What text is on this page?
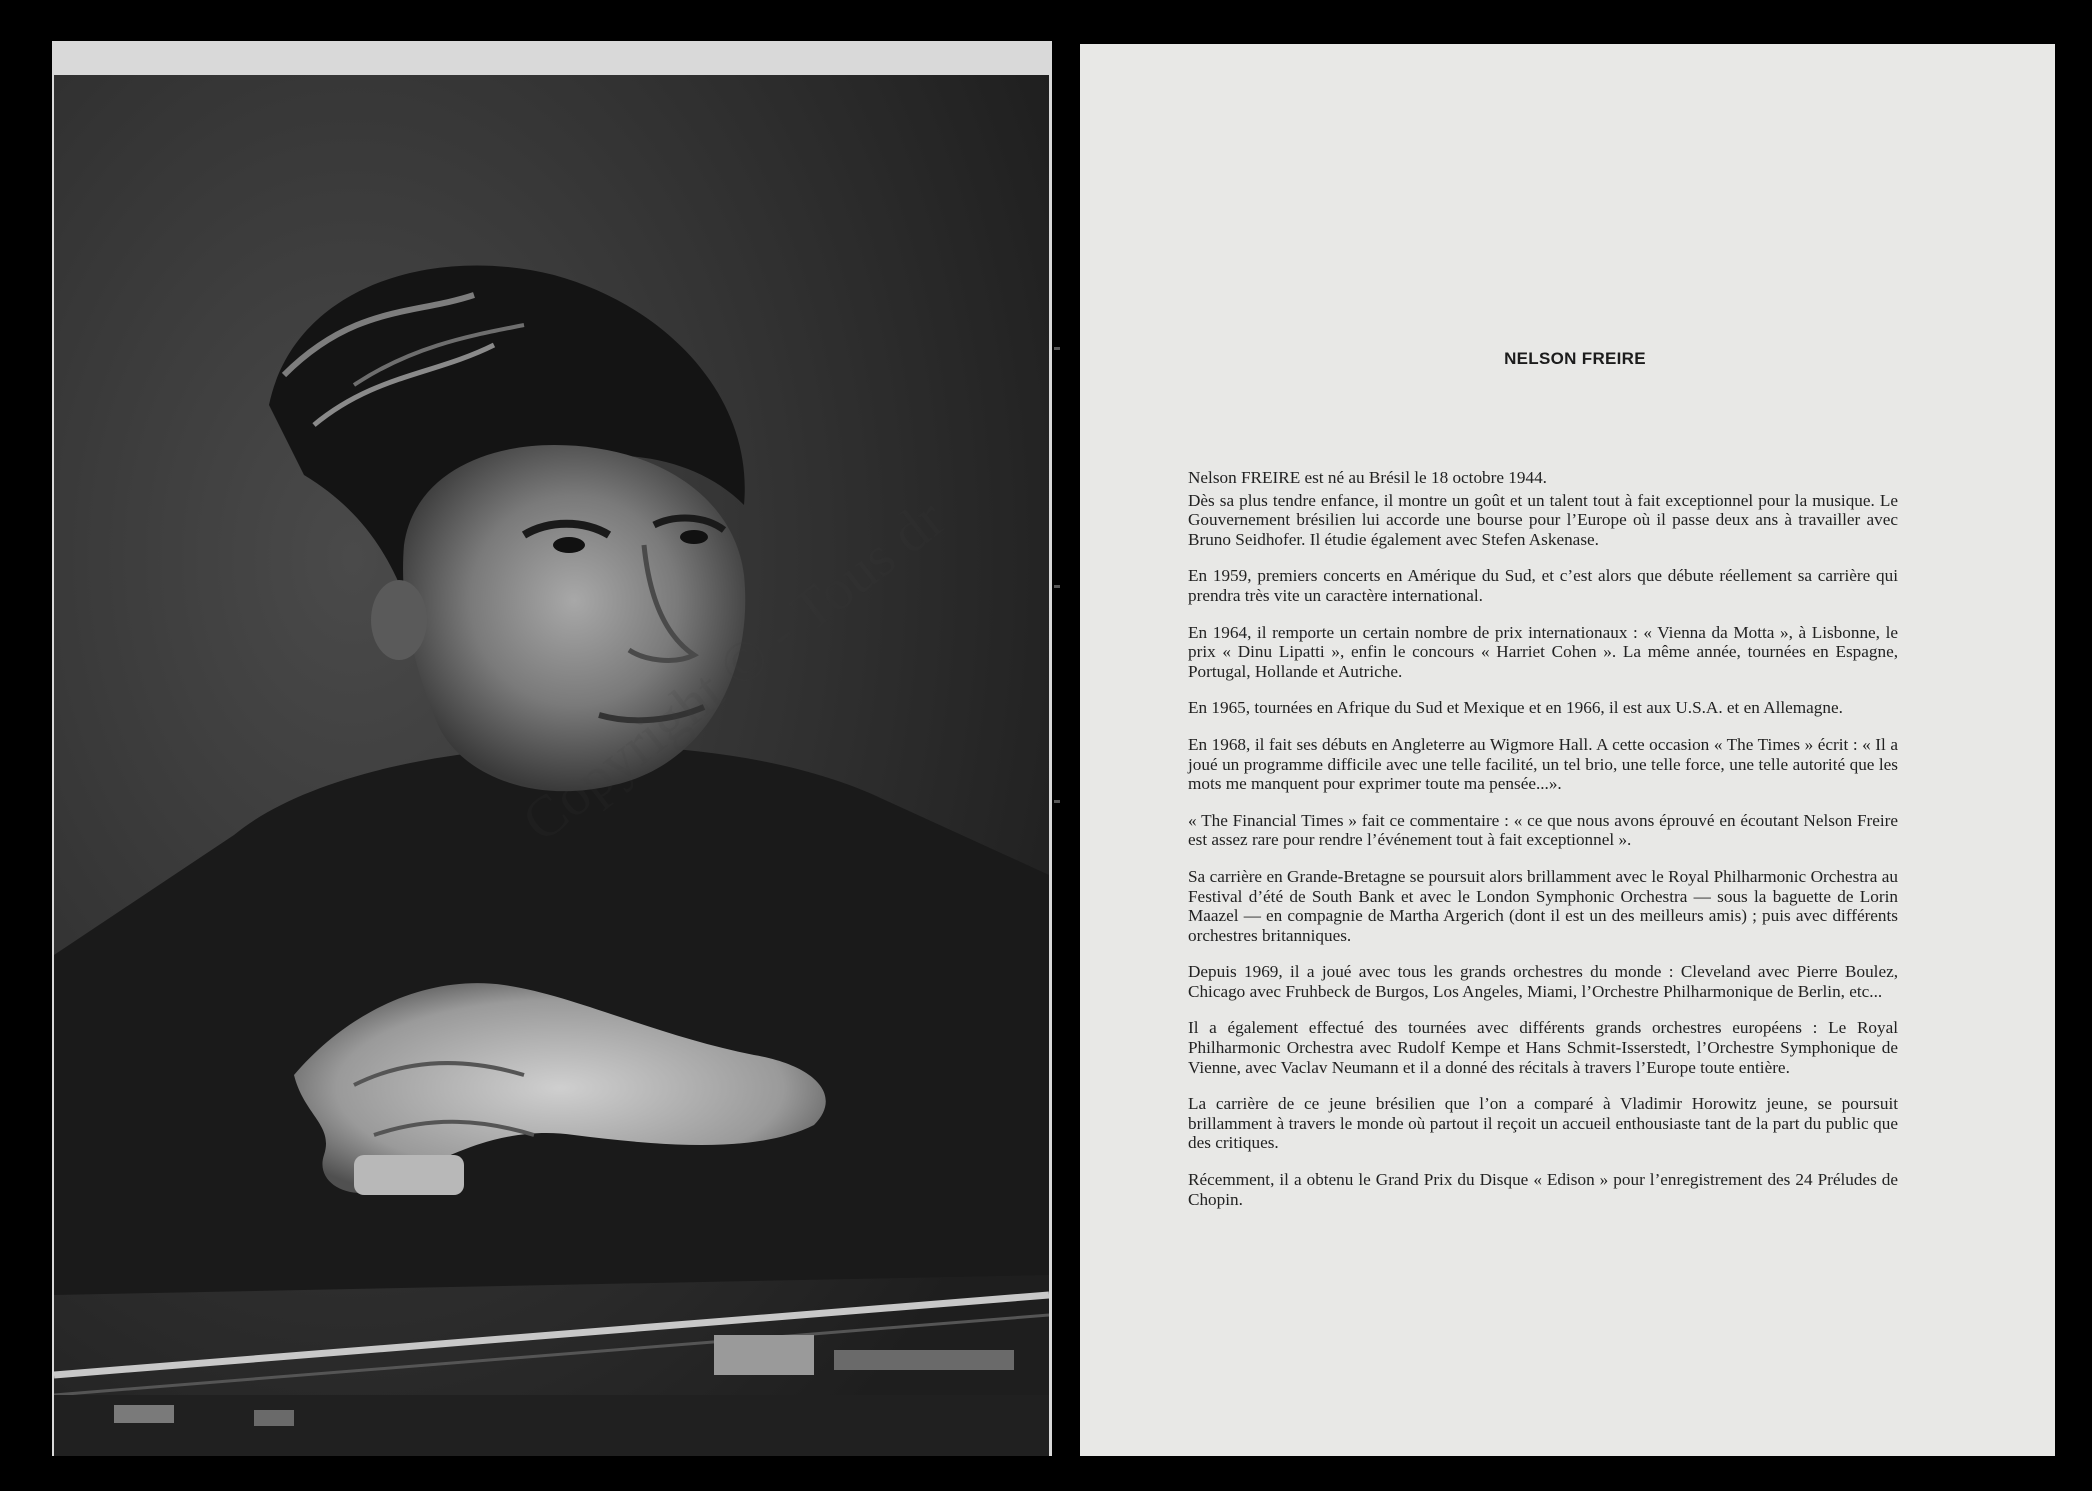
NELSON FREIRE

Nelson FREIRE est né au Brésil le 18 octobre 1944.

Dès sa plus tendre enfance, il montre un goût et un talent tout à fait exceptionnel pour la musique. Le Gouvernement brésilien lui accorde une bourse pour l’Europe où il passe deux ans à travailler avec Bruno Seidhofer. Il étudie également avec Stefen Askenase.

En 1959, premiers concerts en Amérique du Sud, et c’est alors que débute réellement sa carrière qui prendra très vite un caractère international.

En 1964, il remporte un certain nombre de prix internationaux : « Vienna da Motta », à Lisbonne, le prix « Dinu Lipatti », enfin le concours « Harriet Cohen ». La même année, tournées en Espagne, Portugal, Hollande et Autriche.

En 1965, tournées en Afrique du Sud et Mexique et en 1966, il est aux U.S.A. et en Allemagne.

En 1968, il fait ses débuts en Angleterre au Wigmore Hall. A cette occasion « The Times » écrit : « Il a joué un programme difficile avec une telle facilité, un tel brio, une telle force, une telle autorité que les mots me manquent pour exprimer toute ma pensée...».

« The Financial Times » fait ce commentaire : « ce que nous avons éprouvé en écoutant Nelson Freire est assez rare pour rendre l’événement tout à fait exceptionnel ».

Sa carrière en Grande-Bretagne se poursuit alors brillamment avec le Royal Philharmonic Orchestra au Festival d’été de South Bank et avec le London Symphonic Orchestra — sous la baguette de Lorin Maazel — en compagnie de Martha Argerich (dont il est un des meilleurs amis) ; puis avec différents orchestres britanniques.

Depuis 1969, il a joué avec tous les grands orchestres du monde : Cleveland avec Pierre Boulez, Chicago avec Fruhbeck de Burgos, Los Angeles, Miami, l’Orchestre Philharmonique de Berlin, etc...

Il a également effectué des tournées avec différents grands orchestres européens : Le Royal Philharmonic Orchestra avec Rudolf Kempe et Hans Schmit-Isserstedt, l’Orchestre Symphonique de Vienne, avec Vaclav Neumann et il a donné des récitals à travers l’Europe toute entière.

La carrière de ce jeune brésilien que l’on a comparé à Vladimir Horowitz jeune, se poursuit brillamment à travers le monde où partout il reçoit un accueil enthousiaste tant de la part du public que des critiques.

Récemment, il a obtenu le Grand Prix du Disque « Edison » pour l’enregistrement des 24 Préludes de Chopin.
